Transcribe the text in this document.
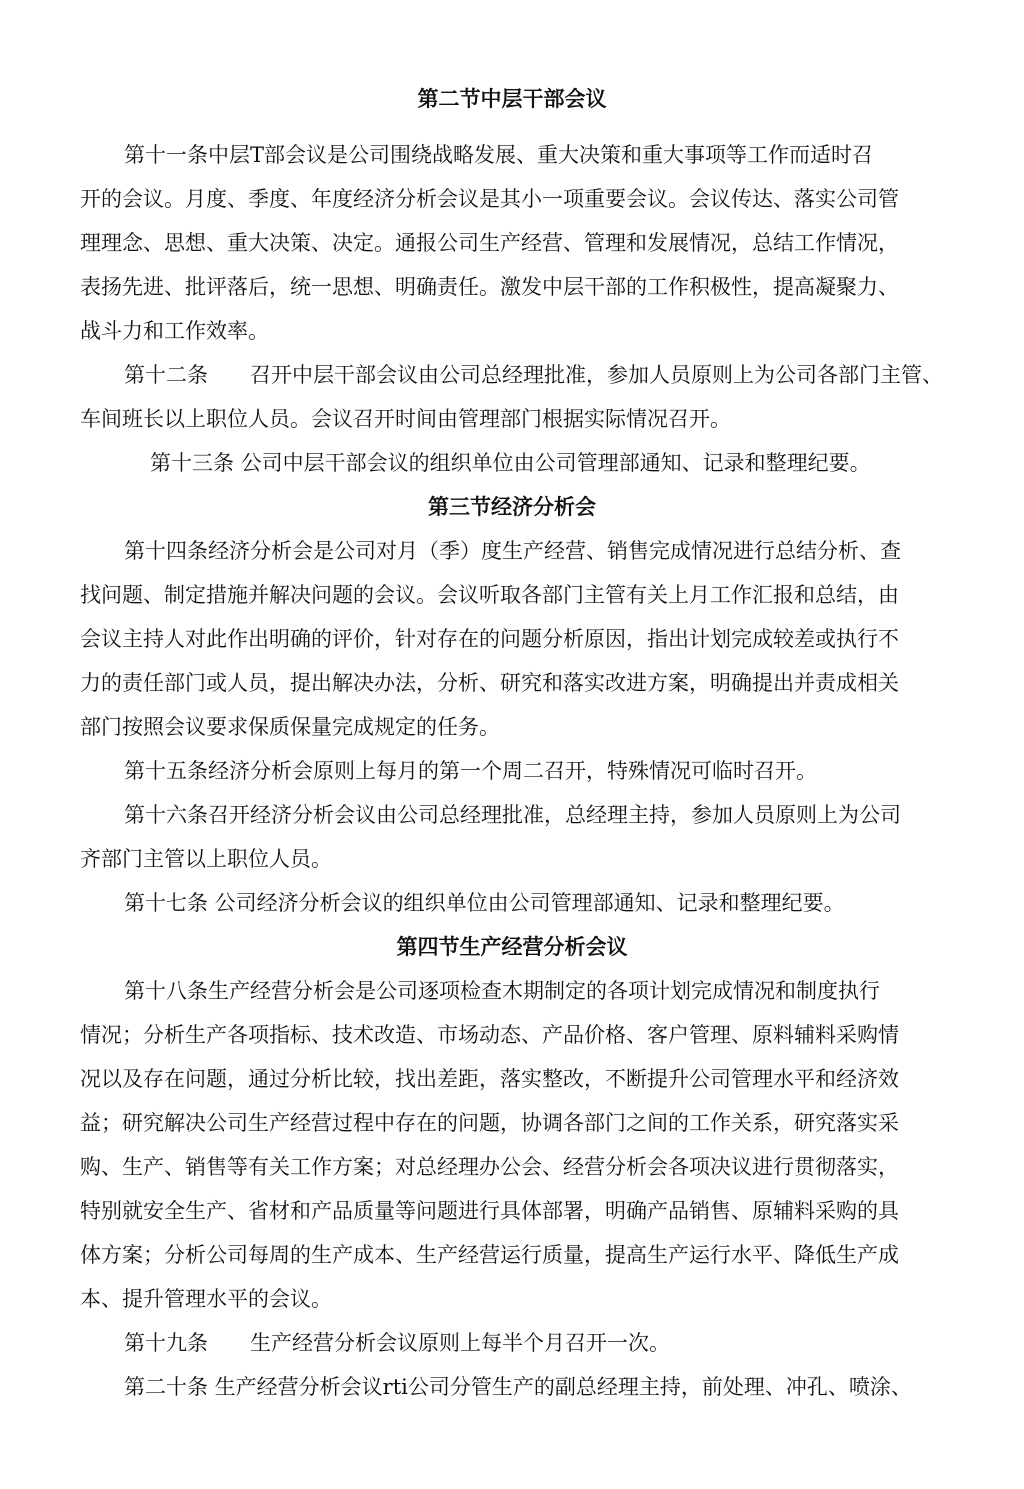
第二节中层干部会议

第十一条中层T部会议是公司围绕战略发展、重大决策和重大事项等工作而适时召

开的会议。月度、季度、年度经济分析会议是其小一项重要会议。会议传达、落实公司管

理理念、思想、重大决策、决定。通报公司生产经营、管理和发展情况，总结工作情况，

表扬先进、批评落后，统一思想、明确责任。激发中层干部的工作积极性，提高凝聚力、

战斗力和工作效率。

第十二条　　召开中层干部会议由公司总经理批准，参加人员原则上为公司各部门主管、

车间班长以上职位人员。会议召开时间由管理部门根据实际情况召开。

第十三条 公司中层干部会议的组织单位由公司管理部通知、记录和整理纪要。

第三节经济分析会

第十四条经济分析会是公司对月（季）度生产经营、销售完成情况进行总结分析、查

找问题、制定措施并解决问题的会议。会议听取各部门主管有关上月工作汇报和总结，由

会议主持人对此作出明确的评价，针对存在的问题分析原因，指出计划完成较差或执行不

力的责任部门或人员，提出解决办法，分析、研究和落实改进方案，明确提出并责成相关

部门按照会议要求保质保量完成规定的任务。

第十五条经济分析会原则上每月的第一个周二召开，特殊情况可临时召开。

第十六条召开经济分析会议由公司总经理批准，总经理主持，参加人员原则上为公司

齐部门主管以上职位人员。

第十七条 公司经济分析会议的组织单位由公司管理部通知、记录和整理纪要。

第四节生产经营分析会议

第十八条生产经营分析会是公司逐项检查木期制定的各项计划完成情况和制度执行

情况；分析生产各项指标、技术改造、市场动态、产品价格、客户管理、原料辅料采购情

况以及存在问题，通过分析比较，找出差距，落实整改，不断提升公司管理水平和经济效

益；研究解决公司生产经营过程中存在的问题，协调各部门之间的工作关系，研究落实采

购、生产、销售等有关工作方案；对总经理办公会、经营分析会各项决议进行贯彻落实，

特别就安全生产、省材和产品质量等问题进行具体部署，明确产品销售、原辅料采购的具

体方案；分析公司每周的生产成本、生产经营运行质量，提高生产运行水平、降低生产成

本、提升管理水平的会议。

第十九条　　生产经营分析会议原则上每半个月召开一次。

第二十条 生产经营分析会议rti公司分管生产的副总经理主持，前处理、冲孔、喷涂、
